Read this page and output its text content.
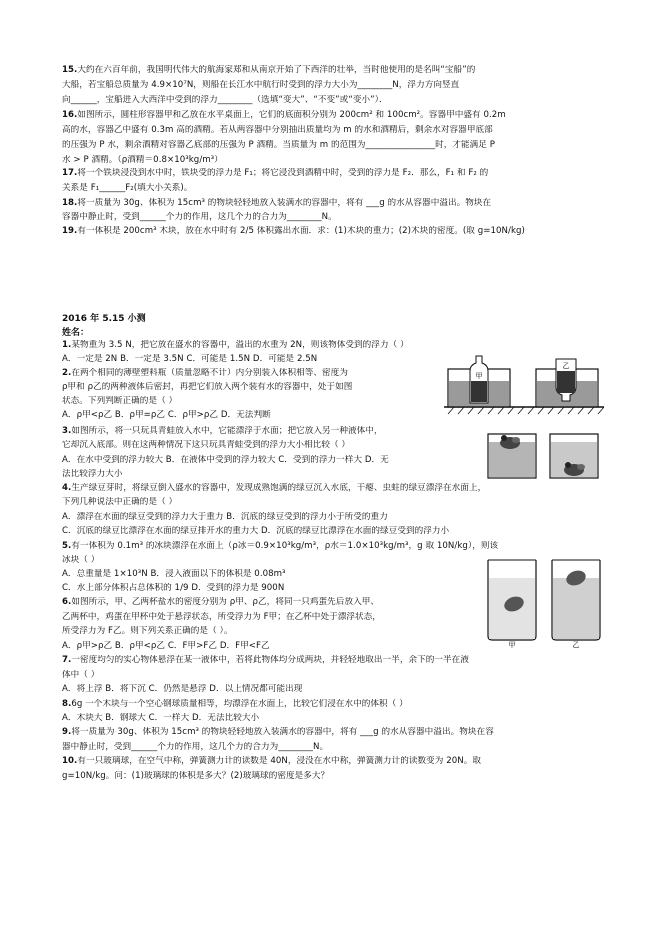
15.大约在六百年前，我国明代伟大的航海家郑和从南京开始了下西洋的壮举，当时他使用的是名叫“宝船”的
大船，若宝船总质量为 4.9×10⁷N，则船在长江水中航行时受到的浮力大小为________N，浮力方向竖直
向______，宝船进入大西洋中受到的浮力________（选填“变大”、“不变”或“变小”）．
16.如图所示，圆柱形容器甲和乙放在水平桌面上，它们的底面积分别为 200cm² 和 100cm²。容器甲中盛有 0.2m
高的水，容器乙中盛有 0.3m 高的酒精。若从两容器中分别抽出质量均为 m 的水和酒精后，剩余水对容器甲底部
的压强为 P 水，剩余酒精对容器乙底部的压强为 P 酒精。当质量为 m 的范围为________________时，才能满足 P
水 > P 酒精。（ρ酒精＝0.8×10³kg/m³）
17.将一个铁块浸没到水中时，铁块受的浮力是 F₁；将它浸没到酒精中时，受到的浮力是 F₂．那么，F₁ 和 F₂ 的
关系是 F₁______F₂(填大小关系)。
18.将一质量为 30g、体积为 15cm³ 的物块轻轻地放入装满水的容器中，将有 ___g 的水从容器中溢出。物块在
容器中静止时，受到______个力的作用，这几个力的合力为________N。
19.有一体积是 200cm³ 木块，放在水中时有 2/5 体积露出水面．求：(1)木块的重力；(2)木块的密度。(取 g=10N/kg)
2016 年 5.15 小测
姓名：
1.某物重为 3.5 N，把它放在盛水的容器中，溢出的水重为 2N，则该物体受到的浮力（ ）
A．一定是 2N B．一定是 3.5N C．可能是 1.5N D．可能是 2.5N
2.在两个相同的薄壁塑料瓶（质量忽略不计）内分别装入体积相等、密度为
ρ甲和 ρ乙的两种液体后密封，再把它们放入两个装有水的容器中，处于如图
状态。下列判断正确的是（ ）
A．ρ甲<ρ乙 B．ρ甲=ρ乙 C．ρ甲>ρ乙 D．无法判断
3.如图所示，将一只玩具青蛙放入水中，它能漂浮于水面；把它放入另一种液体中，
它却沉入底部。则在这两种情况下这只玩具青蛙受到的浮力大小相比较（ ）
A．在水中受到的浮力较大 B．在液体中受到的浮力较大 C．受到的浮力一样大 D．无
法比较浮力大小
4.生产绿豆芽时，将绿豆倒入盛水的容器中，发现成熟饱满的绿豆沉入水底，干瘪、虫蛀的绿豆漂浮在水面上，
下列几种说法中正确的是（ ）
A．漂浮在水面的绿豆受到的浮力大于重力 B．沉底的绿豆受到的浮力小于所受的重力
C．沉底的绿豆比漂浮在水面的绿豆排开水的重力大 D．沉底的绿豆比漂浮在水面的绿豆受到的浮力小
5.有一体积为 0.1m³ 的冰块漂浮在水面上（ρ冰＝0.9×10³kg/m³，ρ水＝1.0×10³kg/m³，g 取 10N/kg），则该
冰块（ ）
A．总重量是 1×10³N B．浸入液面以下的体积是 0.08m³
C．水上部分体积占总体积的 1/9 D．受到的浮力是 900N
6.如图所示，甲、乙两杯盐水的密度分别为 ρ甲、ρ乙，将同一只鸡蛋先后放入甲、
乙两杯中，鸡蛋在甲杯中处于悬浮状态，所受浮力为 F甲；在乙杯中处于漂浮状态，
所受浮力为 F乙。则下列关系正确的是（ ）。
A．ρ甲>ρ乙 B．ρ甲<ρ乙 C．F甲>F乙 D．F甲<F乙
7.一密度均匀的实心物体悬浮在某一液体中，若将此物体均分成两块，并轻轻地取出一半，余下的一半在液
体中（ ）
A．将上浮 B．将下沉 C．仍然是悬浮 D．以上情况都可能出现
8.6g 一个木块与一个空心钢球质量相等，均漂浮在水面上，比较它们浸在水中的体积（ ）
A．木块大 B．钢球大 C．一样大 D．无法比较大小
9.将一质量为 30g、体积为 15cm³ 的物块轻轻地放入装满水的容器中，将有 ___g 的水从容器中溢出。物块在容
器中静止时，受到______个力的作用，这几个力的合力为________N。
10.有一只玻璃球，在空气中称，弹簧测力计的读数是 40N，浸没在水中称，弹簧测力计的读数变为 20N。取
g=10N/kg。问：(1)玻璃球的体积是多大？(2)玻璃球的密度是多大？
甲
乙
甲	乙
